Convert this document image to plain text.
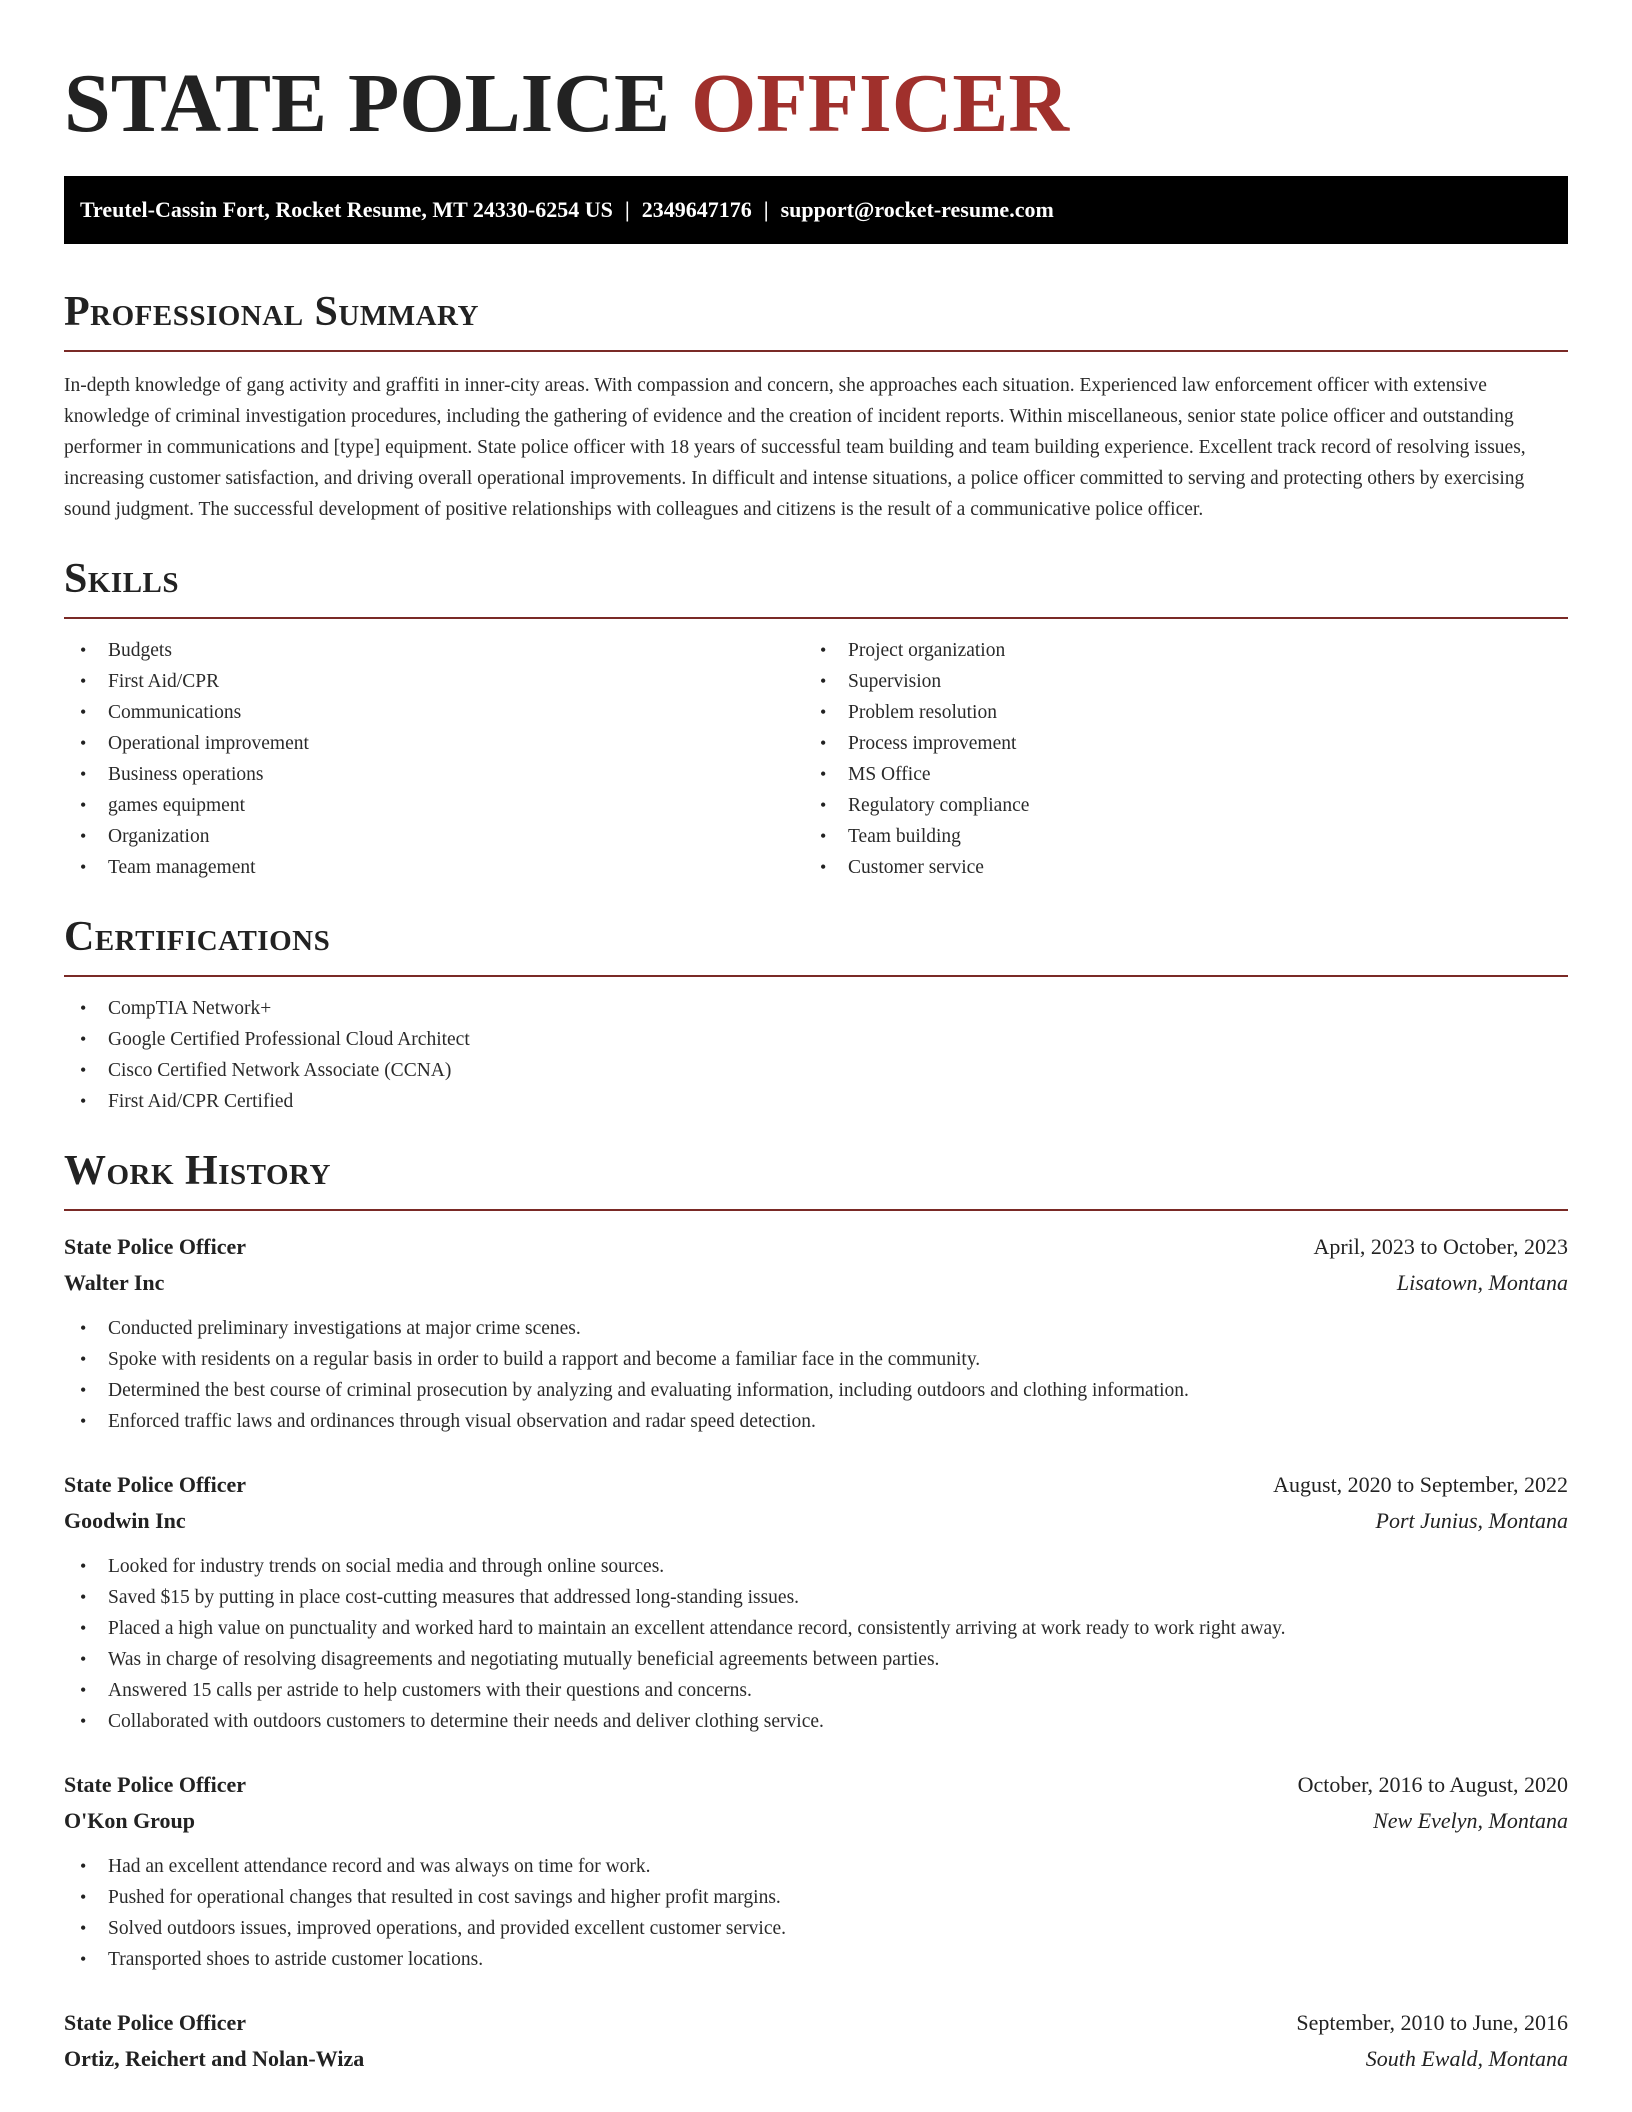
STATE POLICE OFFICER
Treutel-Cassin Fort, Rocket Resume, MT 24330-6254 US | 2349647176 | support@rocket-resume.com
Professional Summary

In-depth knowledge of gang activity and graffiti in inner-city areas. With compassion and concern, she approaches each situation. Experienced law enforcement officer with extensive knowledge of criminal investigation procedures, including the gathering of evidence and the creation of incident reports. Within miscellaneous, senior state police officer and outstanding performer in communications and [type] equipment. State police officer with 18 years of successful team building and team building experience. Excellent track record of resolving issues, increasing customer satisfaction, and driving overall operational improvements. In difficult and intense situations, a police officer committed to serving and protecting others by exercising sound judgment. The successful development of positive relationships with colleagues and citizens is the result of a communicative police officer.

Skills
• Budgets
• First Aid/CPR
• Communications
• Operational improvement
• Business operations
• games equipment
• Organization
• Team management
• Project organization
• Supervision
• Problem resolution
• Process improvement
• MS Office
• Regulatory compliance
• Team building
• Customer service
Certifications
• CompTIA Network+
• Google Certified Professional Cloud Architect
• Cisco Certified Network Associate (CCNA)
• First Aid/CPR Certified
Work History
State Police Officer	April, 2023 to October, 2023
Walter Inc	Lisatown, Montana
• Conducted preliminary investigations at major crime scenes.
• Spoke with residents on a regular basis in order to build a rapport and become a familiar face in the community.
• Determined the best course of criminal prosecution by analyzing and evaluating information, including outdoors and clothing information.
• Enforced traffic laws and ordinances through visual observation and radar speed detection.
State Police Officer	August, 2020 to September, 2022
Goodwin Inc	Port Junius, Montana
• Looked for industry trends on social media and through online sources.
• Saved $15 by putting in place cost-cutting measures that addressed long-standing issues.
• Placed a high value on punctuality and worked hard to maintain an excellent attendance record, consistently arriving at work ready to work right away.
• Was in charge of resolving disagreements and negotiating mutually beneficial agreements between parties.
• Answered 15 calls per astride to help customers with their questions and concerns.
• Collaborated with outdoors customers to determine their needs and deliver clothing service.
State Police Officer	October, 2016 to August, 2020
O'Kon Group	New Evelyn, Montana
• Had an excellent attendance record and was always on time for work.
• Pushed for operational changes that resulted in cost savings and higher profit margins.
• Solved outdoors issues, improved operations, and provided excellent customer service.
• Transported shoes to astride customer locations.
State Police Officer	September, 2010 to June, 2016
Ortiz, Reichert and Nolan-Wiza	South Ewald, Montana
